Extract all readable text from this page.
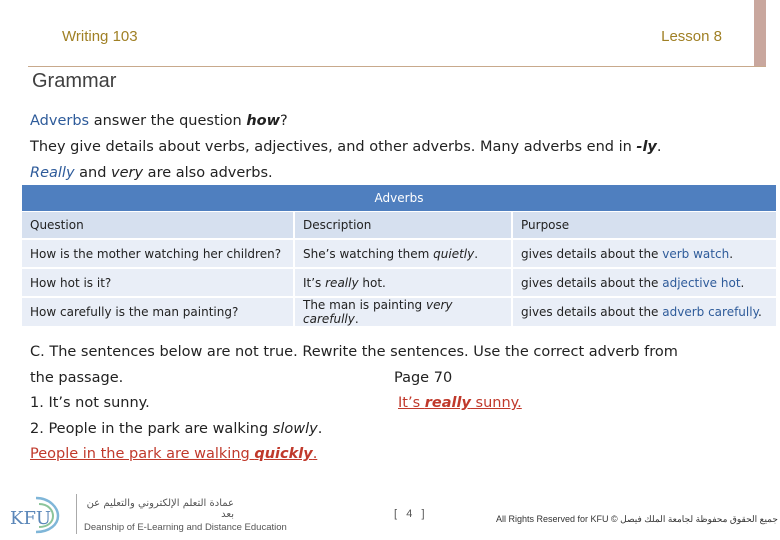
Writing 103	Lesson 8
Grammar
Adverbs answer the question how?
They give details about verbs, adjectives, and other adverbs. Many adverbs end in -ly.
Really and very are also adverbs.
Adverbs		
Question	Description	Purpose
How is the mother watching her children?	She’s watching them quietly.	gives details about the verb watch.
How hot is it?	It’s really hot.	gives details about the adjective hot.
How carefully is the man painting?	The man is painting very carefully.	gives details about the adverb carefully.
C. The sentences below are not true. Rewrite the sentences. Use the correct adverb from
the passage.	Page 70
1. It’s not sunny.	It’s really sunny.
2. People in the park are walking slowly.
People in the park are walking quickly.
KFU
عمادة التعلم الإلكتروني والتعليم عن بعد
Deanship of E-Learning and Distance Education
[   4   ]	All Rights Reserved for KFU © جميع الحقوق محفوظة لجامعة الملك فيصل
